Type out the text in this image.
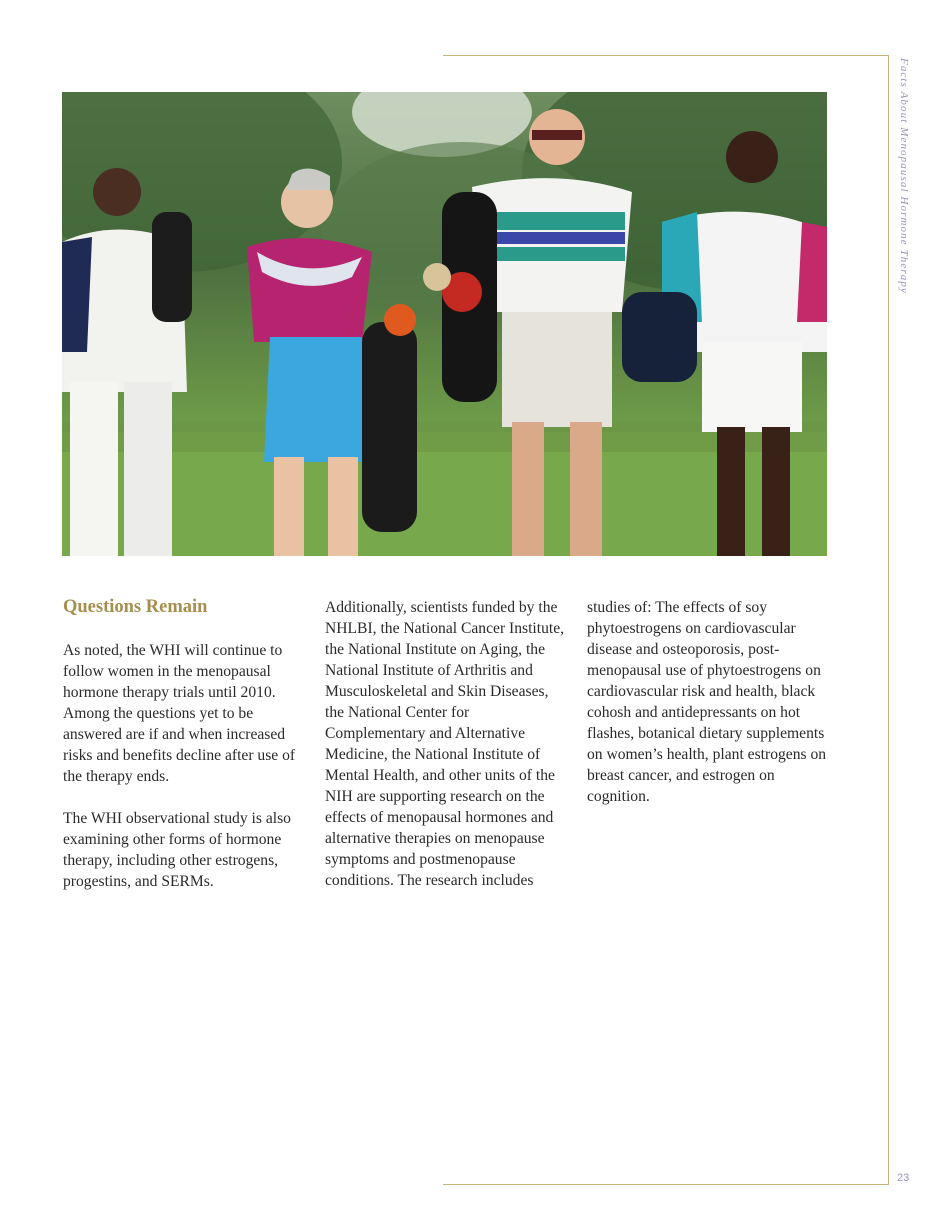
Facts About Menopausal Hormone Therapy
23

Questions Remain

As noted, the WHI will continue to follow women in the menopausal hormone therapy trials until 2010. Among the questions yet to be answered are if and when increased risks and benefits decline after use of the therapy ends.

The WHI observational study is also examining other forms of hormone therapy, including other estrogens, progestins, and SERMs.

Additionally, scientists funded by the NHLBI, the National Cancer Institute, the National Institute on Aging, the National Institute of Arthritis and Musculoskeletal and Skin Diseases, the National Center for Complementary and Alternative Medicine, the National Institute of Mental Health, and other units of the NIH are supporting research on the effects of menopausal hormones and alternative therapies on menopause symptoms and postmenopause conditions. The research includes

studies of: The effects of soy phytoestrogens on cardiovascular disease and osteoporosis, post-menopausal use of phytoestrogens on cardiovascular risk and health, black cohosh and antidepressants on hot flashes, botanical dietary supplements on women’s health, plant estrogens on breast cancer, and estrogen on cognition.
